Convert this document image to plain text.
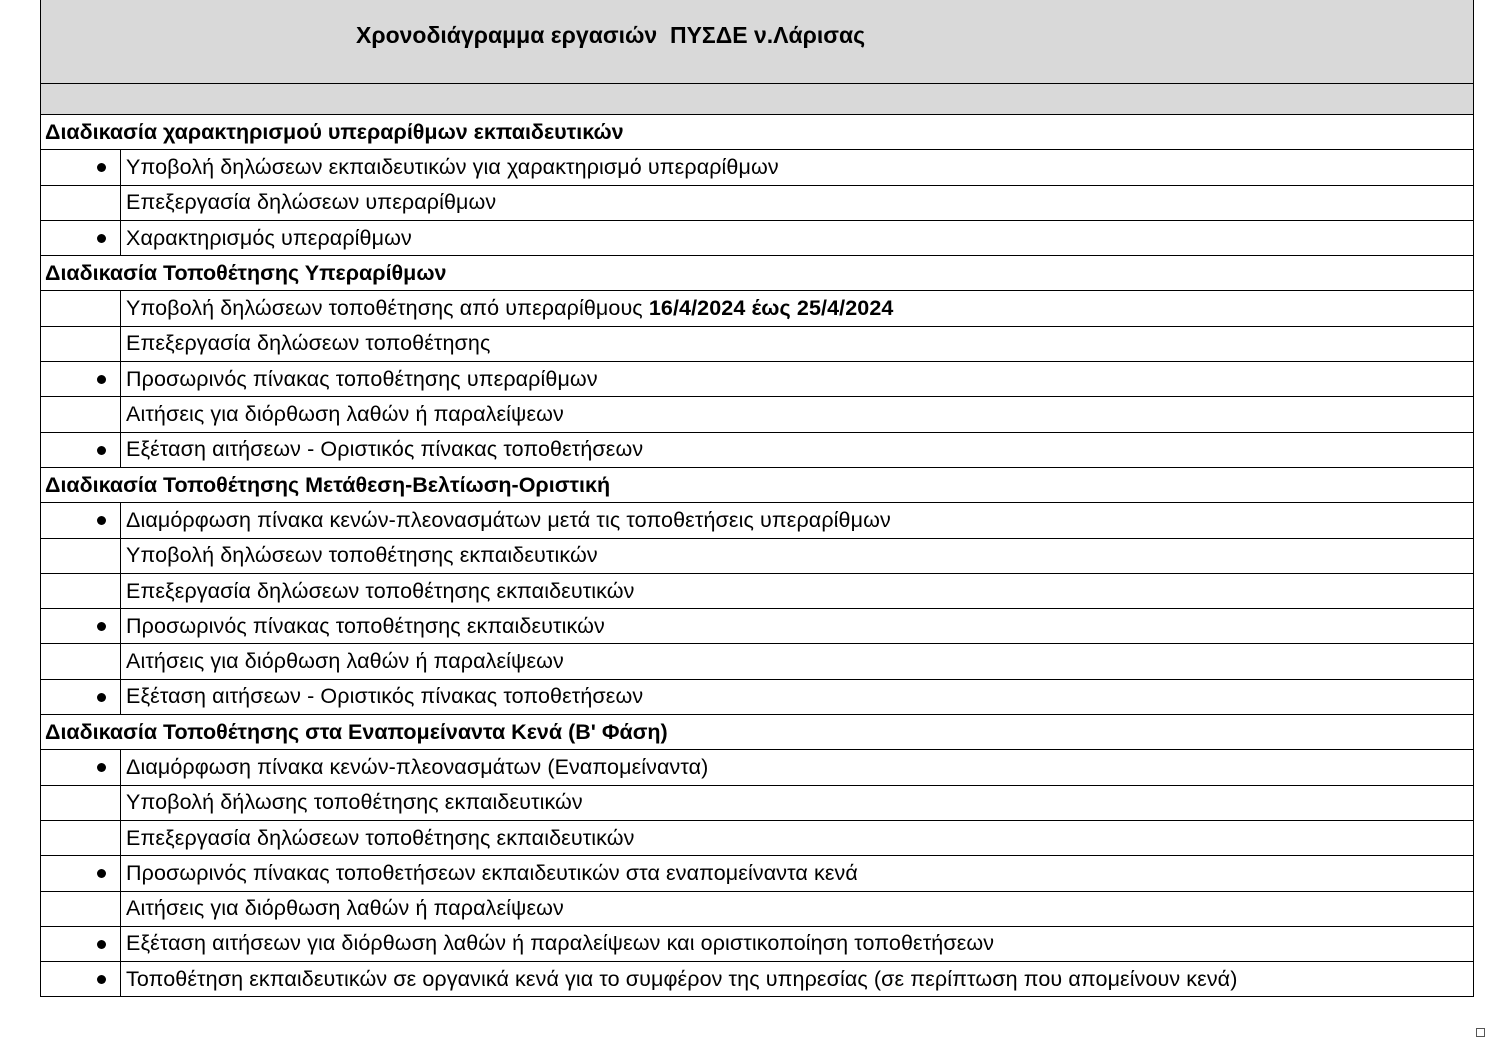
Χρονοδιάγραμμα εργασιών  ΠΥΣΔΕ ν.Λάρισας
Διαδικασία χαρακτηρισμού υπεραρίθμων εκπαιδευτικών
Υποβολή δηλώσεων εκπαιδευτικών για χαρακτηρισμό υπεραρίθμων
Επεξεργασία δηλώσεων υπεραρίθμων
Χαρακτηρισμός υπεραρίθμων
Διαδικασία Τοποθέτησης Υπεραρίθμων
Υποβολή δηλώσεων τοποθέτησης από υπεραρίθμους 16/4/2024 έως 25/4/2024
Επεξεργασία δηλώσεων τοποθέτησης
Προσωρινός πίνακας τοποθέτησης υπεραρίθμων
Αιτήσεις για διόρθωση λαθών ή παραλείψεων
Εξέταση αιτήσεων - Οριστικός πίνακας τοποθετήσεων
Διαδικασία Τοποθέτησης Μετάθεση-Βελτίωση-Οριστική
Διαμόρφωση πίνακα κενών-πλεονασμάτων μετά τις τοποθετήσεις υπεραρίθμων
Υποβολή δηλώσεων τοποθέτησης εκπαιδευτικών
Επεξεργασία δηλώσεων τοποθέτησης εκπαιδευτικών
Προσωρινός πίνακας τοποθέτησης εκπαιδευτικών
Αιτήσεις για διόρθωση λαθών ή παραλείψεων
Εξέταση αιτήσεων - Οριστικός πίνακας τοποθετήσεων
Διαδικασία Τοποθέτησης στα Εναπομείναντα Κενά (Β' Φάση)
Διαμόρφωση πίνακα κενών-πλεονασμάτων (Εναπομείναντα)
Υποβολή δήλωσης τοποθέτησης εκπαιδευτικών
Επεξεργασία δηλώσεων τοποθέτησης εκπαιδευτικών
Προσωρινός πίνακας τοποθετήσεων εκπαιδευτικών στα εναπομείναντα κενά
Αιτήσεις για διόρθωση λαθών ή παραλείψεων
Εξέταση αιτήσεων για διόρθωση λαθών ή παραλείψεων και οριστικοποίηση τοποθετήσεων
Τοποθέτηση εκπαιδευτικών σε οργανικά κενά για το συμφέρον της υπηρεσίας (σε περίπτωση που απομείνουν κενά)
